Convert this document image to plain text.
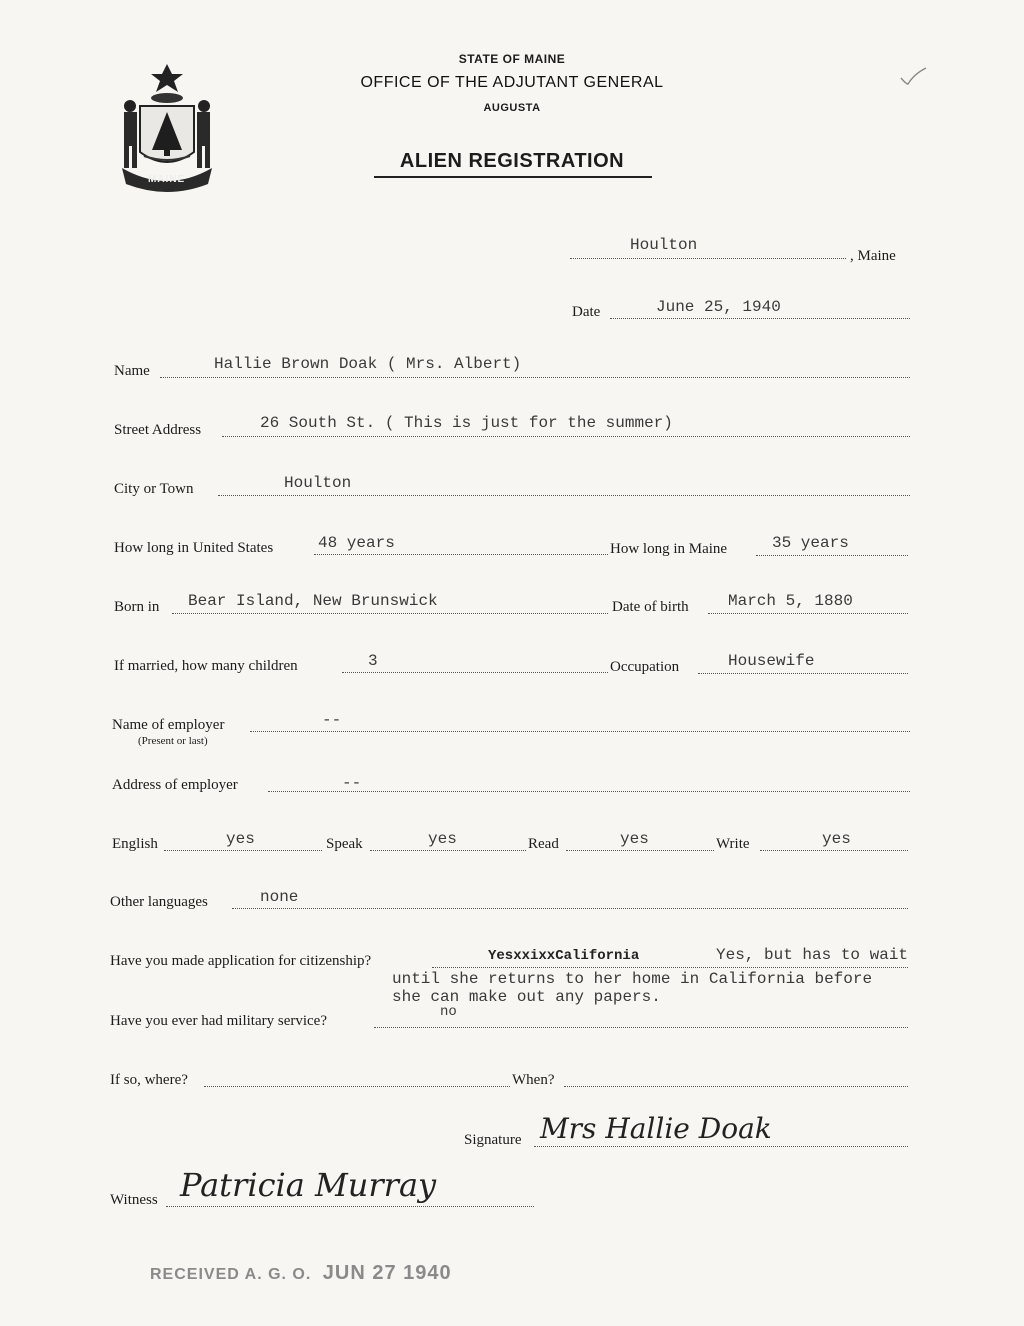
MAINE
STATE OF MAINE
OFFICE OF THE ADJUTANT GENERAL
AUGUSTA
ALIEN REGISTRATION
Houlton
, Maine
Date	June 25, 1940
Name	Hallie Brown Doak ( Mrs. Albert)
Street Address	26 South St. ( This is just for the summer)
City or Town	Houlton
How long in United States	48 years	How long in Maine	35 years
Born in Bear Island, New Brunswick	Date of birth March 5, 1880
If married, how many children	3	Occupation	Housewife
Name of employer
(Present or last)
--
Address of employer	--
English	yes	Speak	yes	Read	yes	Write	yes
Other languages	none
Have you made application for citizenship?	YesxxixxCalifornia	Yes, but has to wait
until she returns to her home in California before
she can make out any papers.
Have you ever had military service?
no
If so, where?	When?
Signature Mrs Hallie Doak
Witness Patricia Murray
RECEIVED A. G. O. JUN 27 1940
